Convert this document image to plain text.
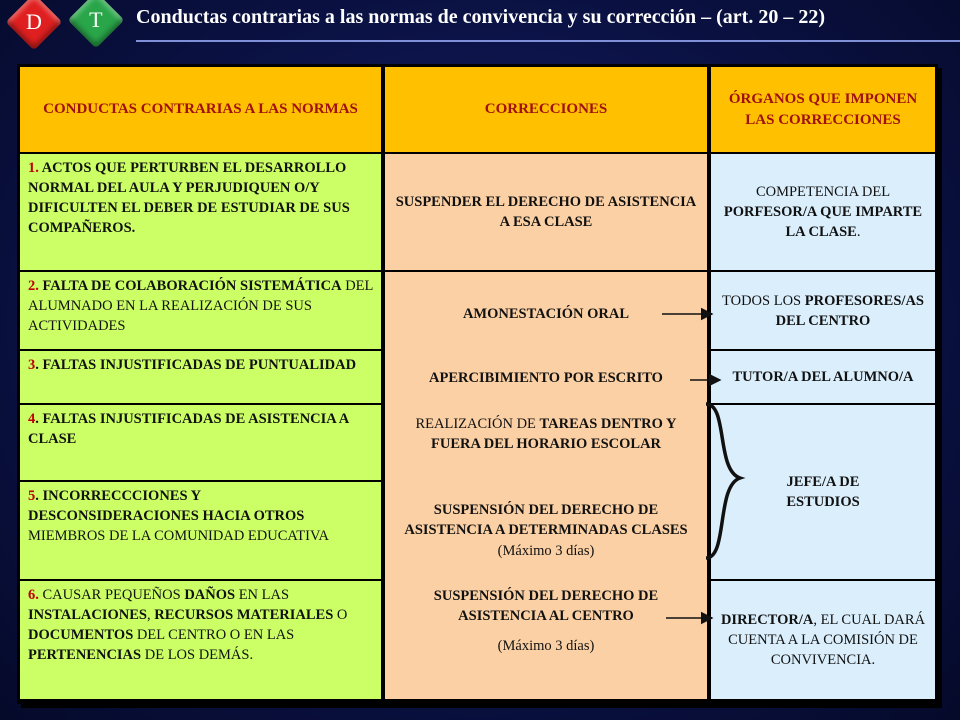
D T Conductas contrarias a las normas de convivencia y su corrección – (art. 20 – 22)
CONDUCTAS CONTRARIAS A LAS NORMAS	CORRECCIONES
ÓRGANOS QUE IMPONEN LAS CORRECCIONES
1. ACTOS QUE PERTURBEN EL DESARROLLO NORMAL DEL AULA Y PERJUDIQUEN O/Y DIFICULTEN EL DEBER DE ESTUDIAR DE SUS COMPAÑEROS.
2. FALTA DE COLABORACIÓN SISTEMÁTICA DEL ALUMNADO EN LA REALIZACIÓN DE SUS ACTIVIDADES
3. FALTAS INJUSTIFICADAS DE PUNTUALIDAD
4. FALTAS INJUSTIFICADAS DE ASISTENCIA A CLASE
5. INCORRECCCIONES Y DESCONSIDERACIONES HACIA OTROS MIEMBROS DE LA COMUNIDAD EDUCATIVA
6. CAUSAR PEQUEÑOS DAÑOS EN LAS INSTALACIONES, RECURSOS MATERIALES O DOCUMENTOS DEL CENTRO O EN LAS PERTENENCIAS DE LOS DEMÁS.
SUSPENDER EL DERECHO DE ASISTENCIA A ESA CLASE
AMONESTACIÓN ORAL
APERCIBIMIENTO POR ESCRITO
REALIZACIÓN DE TAREAS DENTRO Y FUERA DEL HORARIO ESCOLAR
SUSPENSIÓN DEL DERECHO DE ASISTENCIA A DETERMINADAS CLASES (Máximo 3 días)
SUSPENSIÓN DEL DERECHO DE ASISTENCIA AL CENTRO
(Máximo 3 días)
COMPETENCIA DEL PORFESOR/A QUE IMPARTE LA CLASE.
TODOS LOS PROFESORES/AS DEL CENTRO
TUTOR/A DEL ALUMNO/A
JEFE/A DE ESTUDIOS
DIRECTOR/A, EL CUAL DARÁ CUENTA A LA COMISIÓN DE CONVIVENCIA.
